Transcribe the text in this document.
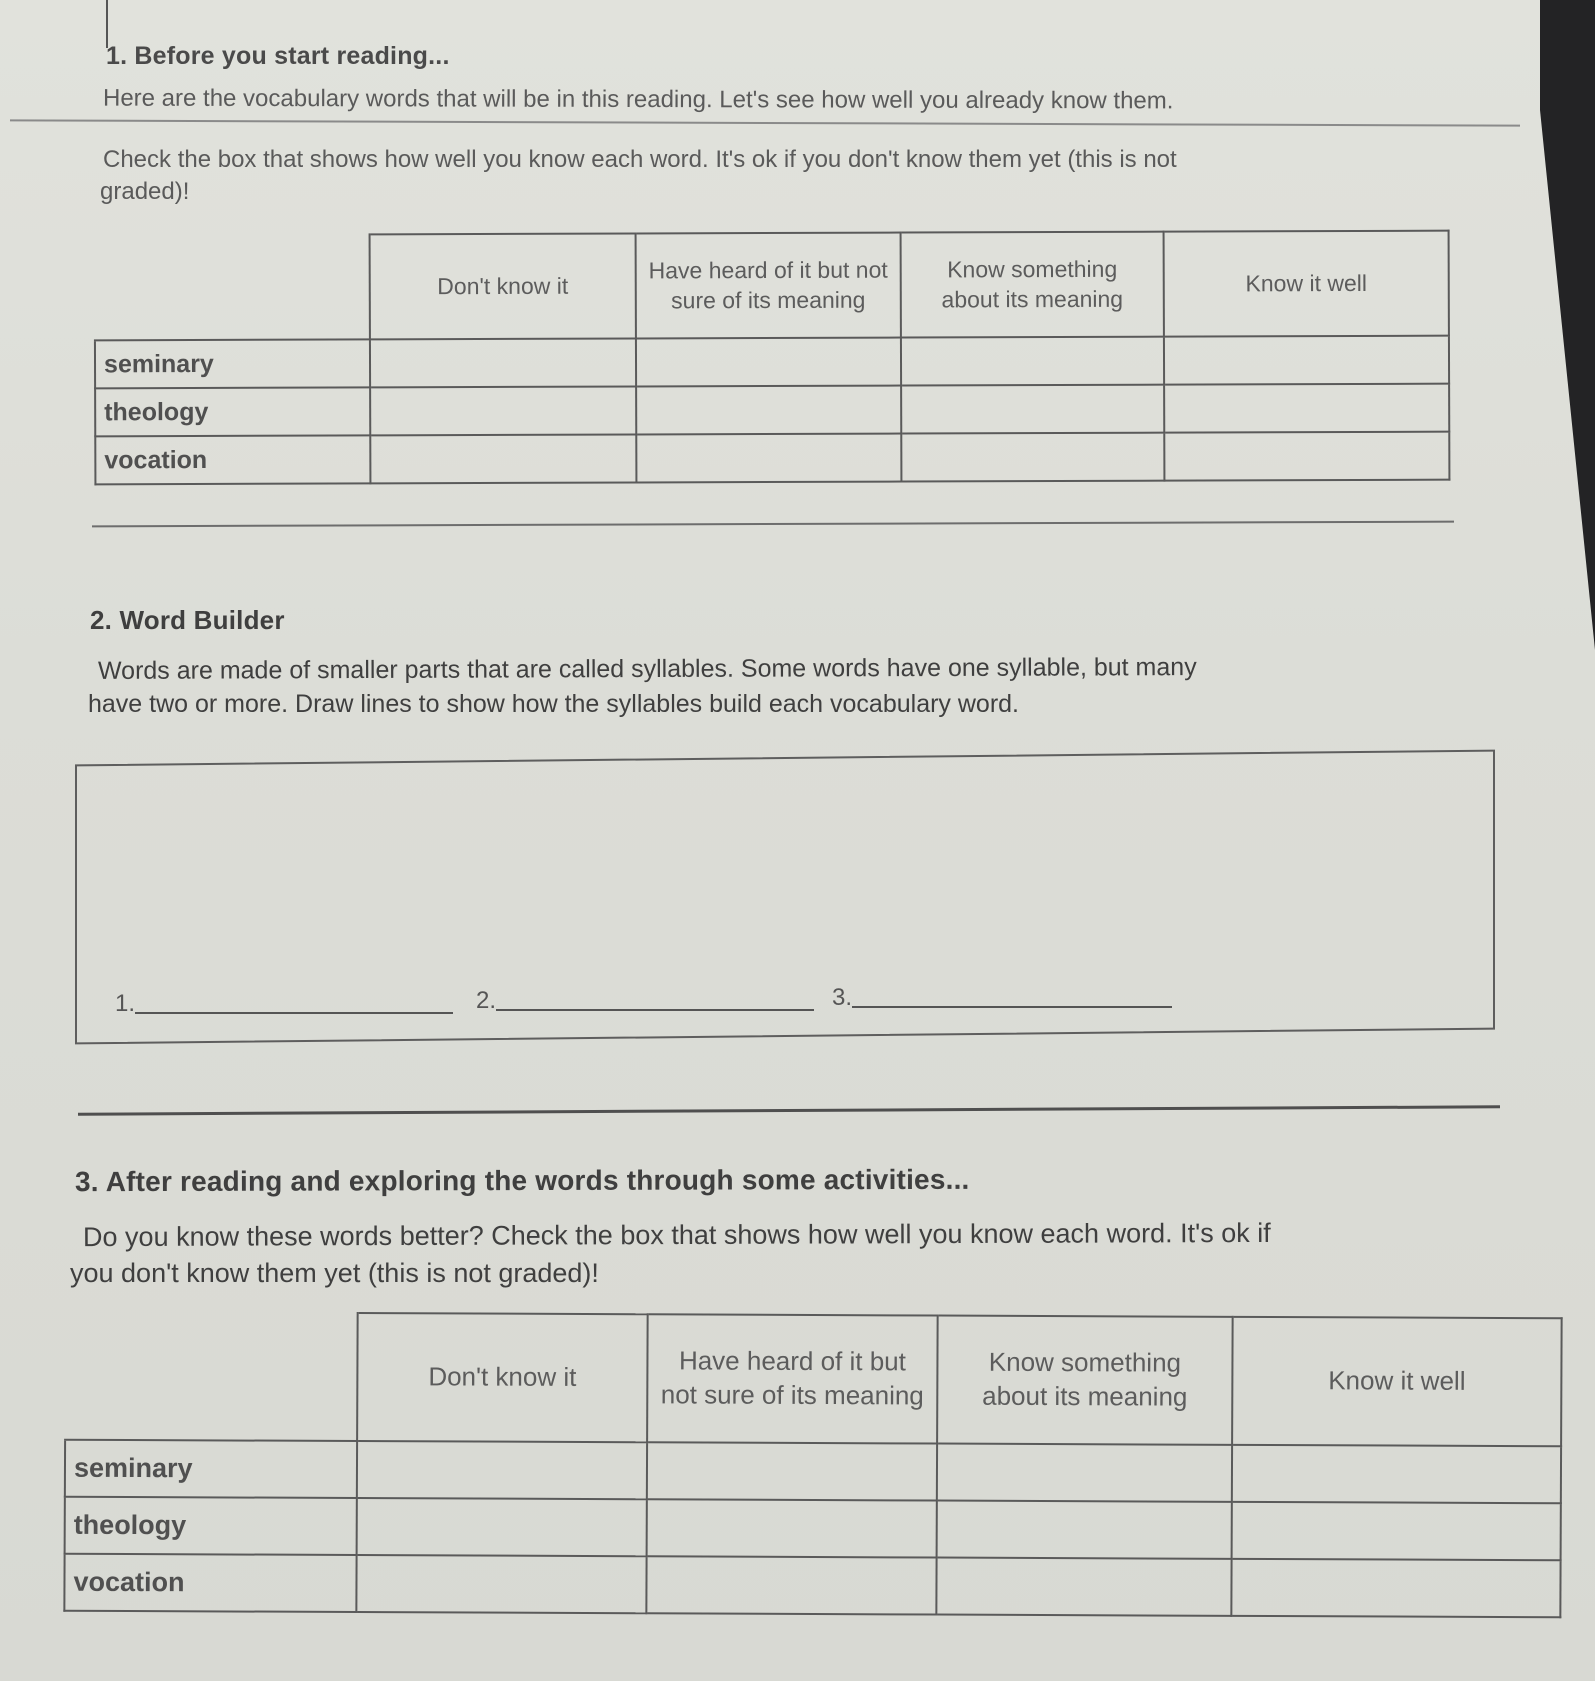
1. Before you start reading...
Here are the vocabulary words that will be in this reading. Let's see how well you already know them.
Check the box that shows how well you know each word. It's ok if you don't know them yet (this is not
graded)!
	Don't know it	Have heard of it but not sure of its meaning	Know something about its meaning	Know it well
seminary				
theology				
vocation				
2. Word Builder
Words are made of smaller parts that are called syllables. Some words have one syllable, but many
have two or more. Draw lines to show how the syllables build each vocabulary word.
1.	2.	3.
3. After reading and exploring the words through some activities...
Do you know these words better? Check the box that shows how well you know each word. It's ok if
you don't know them yet (this is not graded)!
	Don't know it	Have heard of it but not sure of its meaning	Know something about its meaning	Know it well
seminary				
theology				
vocation				
